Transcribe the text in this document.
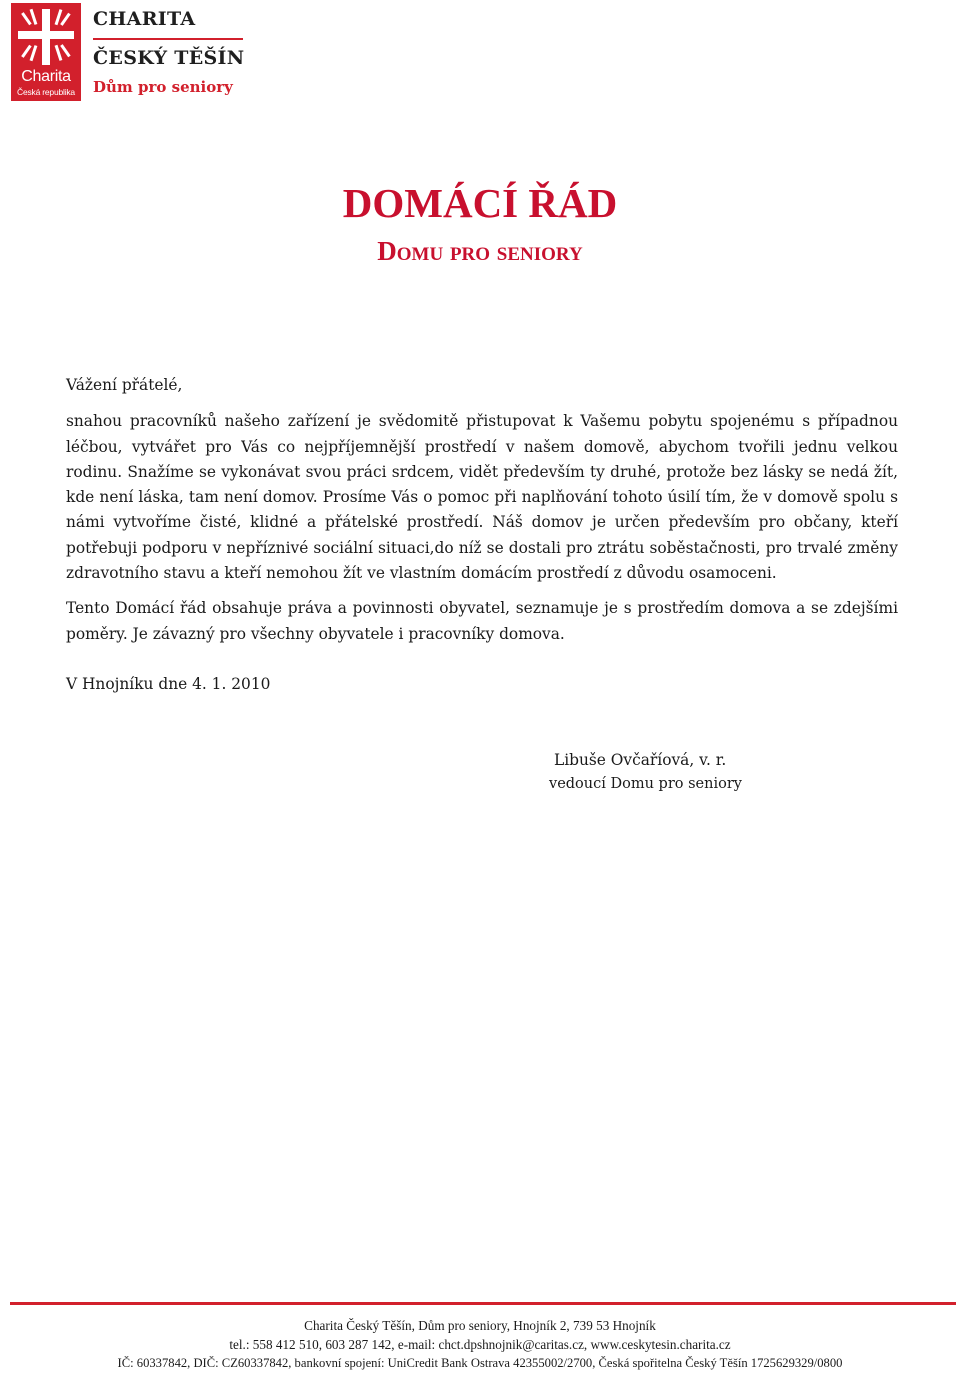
Charita
Česká republika
CHARITA
ČESKÝ TĚŠÍN
Dům pro seniory
DOMÁCÍ ŘÁD
Domu pro seniory

Vážení přátelé,

snahou pracovníků našeho zařízení je svědomitě přistupovat k Vašemu pobytu spojenému s případnou léčbou, vytvářet pro Vás co nejpříjemnější prostředí v našem domově, abychom tvořili jednu velkou rodinu. Snažíme se vykonávat svou práci srdcem, vidět především ty druhé, protože bez lásky se nedá žít, kde není láska, tam není domov. Prosíme Vás o pomoc při naplňování tohoto úsilí tím, že v domově spolu s námi vytvoříme čisté, klidné a přátelské prostředí. Náš domov je určen především pro občany, kteří potřebuji podporu v nepříznivé sociální situaci,do níž se dostali pro ztrátu soběstačnosti, pro trvalé změny zdravotního stavu a kteří nemohou žít ve vlastním domácím prostředí z důvodu osamoceni.

Tento Domácí řád obsahuje práva a povinnosti obyvatel, seznamuje je s prostředím domova a se zdejšími poměry. Je závazný pro všechny obyvatele i pracovníky domova.

V Hnojníku dne 4. 1. 2010

Libuše Ovčaříová, v. r.
vedoucí Domu pro seniory
Charita Český Těšín, Dům pro seniory, Hnojník 2, 739 53 Hnojník
tel.: 558 412 510, 603 287 142, e-mail: chct.dpshnojnik@caritas.cz, www.ceskytesin.charita.cz
IČ: 60337842, DIČ: CZ60337842, bankovní spojení: UniCredit Bank Ostrava 42355002/2700, Česká spořitelna Český Těšín 1725629329/0800
